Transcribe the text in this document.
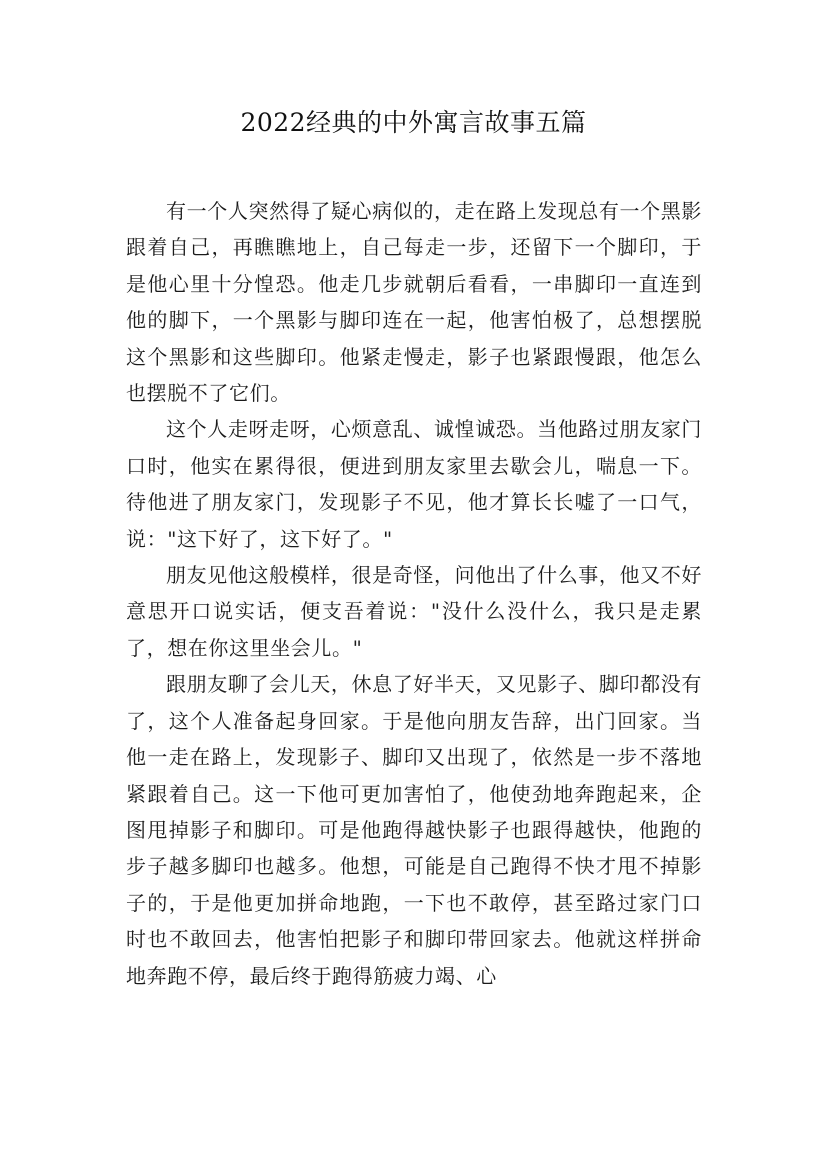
2022经典的中外寓言故事五篇

有一个人突然得了疑心病似的，走在路上发现总有一个黑影跟着自己，再瞧瞧地上，自己每走一步，还留下一个脚印，于是他心里十分惶恐。他走几步就朝后看看，一串脚印一直连到他的脚下，一个黑影与脚印连在一起，他害怕极了，总想摆脱这个黑影和这些脚印。他紧走慢走，影子也紧跟慢跟，他怎么也摆脱不了它们。

这个人走呀走呀，心烦意乱、诚惶诚恐。当他路过朋友家门口时，他实在累得很，便进到朋友家里去歇会儿，喘息一下。待他进了朋友家门，发现影子不见，他才算长长嘘了一口气，说："这下好了，这下好了。"

朋友见他这般模样，很是奇怪，问他出了什么事，他又不好意思开口说实话，便支吾着说："没什么没什么，我只是走累了，想在你这里坐会儿。"

跟朋友聊了会儿天，休息了好半天，又见影子、脚印都没有了，这个人准备起身回家。于是他向朋友告辞，出门回家。当他一走在路上，发现影子、脚印又出现了，依然是一步不落地紧跟着自己。这一下他可更加害怕了，他使劲地奔跑起来，企图甩掉影子和脚印。可是他跑得越快影子也跟得越快，他跑的步子越多脚印也越多。他想，可能是自己跑得不快才甩不掉影子的，于是他更加拼命地跑，一下也不敢停，甚至路过家门口时也不敢回去，他害怕把影子和脚印带回家去。他就这样拼命地奔跑不停，最后终于跑得筋疲力竭、心
